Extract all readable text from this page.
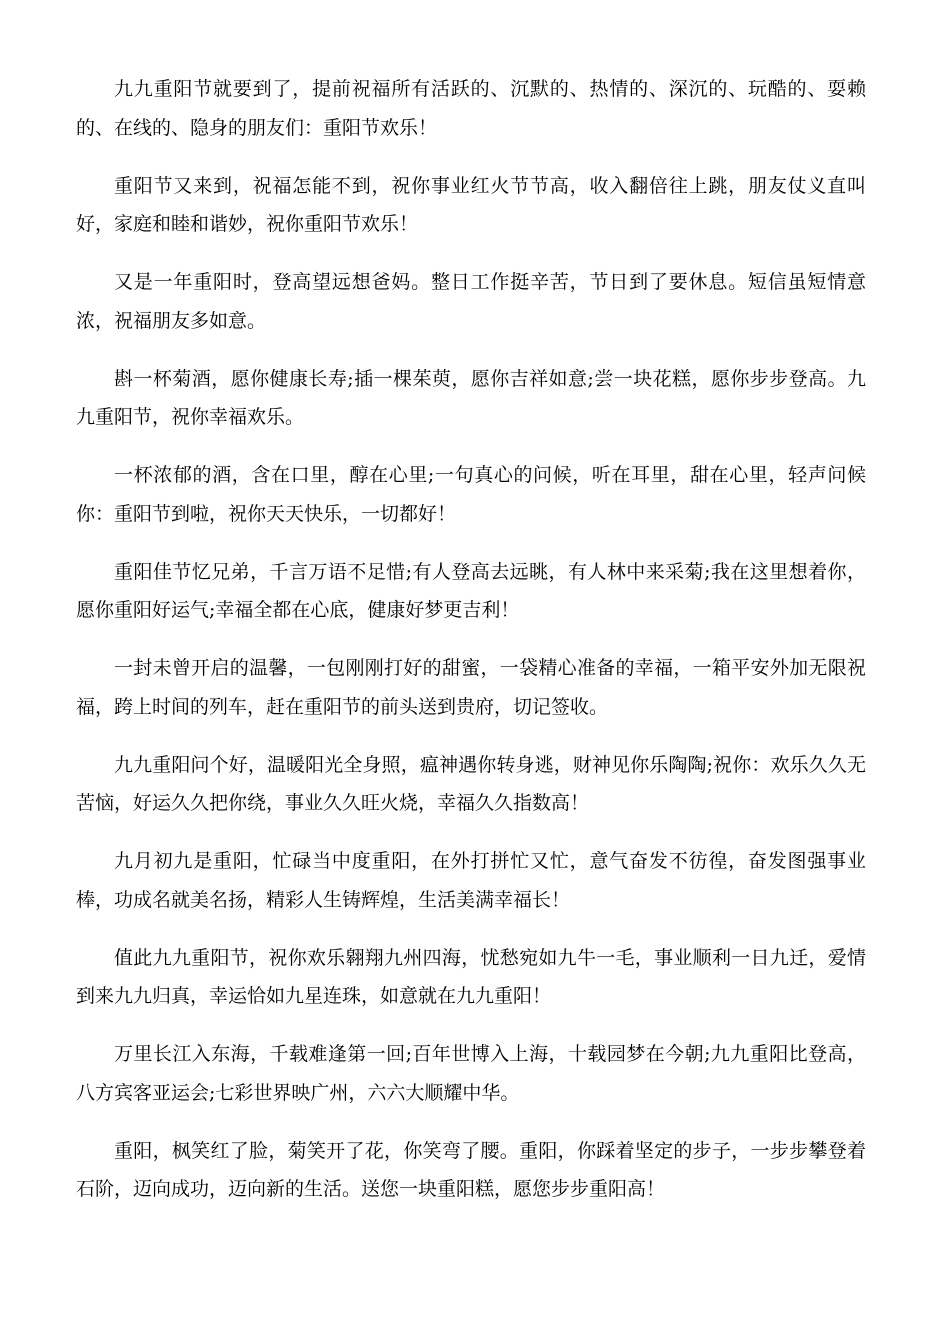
九九重阳节就要到了，提前祝福所有活跃的、沉默的、热情的、深沉的、玩酷的、耍赖的、在线的、隐身的朋友们：重阳节欢乐！

重阳节又来到，祝福怎能不到，祝你事业红火节节高，收入翻倍往上跳，朋友仗义直叫好，家庭和睦和谐妙，祝你重阳节欢乐！

又是一年重阳时，登高望远想爸妈。整日工作挺辛苦，节日到了要休息。短信虽短情意浓，祝福朋友多如意。

斟一杯菊酒，愿你健康长寿;插一棵茱萸，愿你吉祥如意;尝一块花糕，愿你步步登高。九九重阳节，祝你幸福欢乐。

一杯浓郁的酒，含在口里，醇在心里;一句真心的问候，听在耳里，甜在心里，轻声问候你：重阳节到啦，祝你天天快乐，一切都好！

重阳佳节忆兄弟，千言万语不足惜;有人登高去远眺，有人林中来采菊;我在这里想着你，愿你重阳好运气;幸福全都在心底，健康好梦更吉利！

一封未曾开启的温馨，一包刚刚打好的甜蜜，一袋精心准备的幸福，一箱平安外加无限祝福，跨上时间的列车，赶在重阳节的前头送到贵府，切记签收。

九九重阳问个好，温暖阳光全身照，瘟神遇你转身逃，财神见你乐陶陶;祝你：欢乐久久无苦恼，好运久久把你绕，事业久久旺火烧，幸福久久指数高！

九月初九是重阳，忙碌当中度重阳，在外打拼忙又忙，意气奋发不彷徨，奋发图强事业棒，功成名就美名扬，精彩人生铸辉煌，生活美满幸福长！

值此九九重阳节，祝你欢乐翱翔九州四海，忧愁宛如九牛一毛，事业顺利一日九迁，爱情到来九九归真，幸运恰如九星连珠，如意就在九九重阳！

万里长江入东海，千载难逢第一回;百年世博入上海，十载园梦在今朝;九九重阳比登高，八方宾客亚运会;七彩世界映广州，六六大顺耀中华。

重阳，枫笑红了脸，菊笑开了花，你笑弯了腰。重阳，你踩着坚定的步子，一步步攀登着石阶，迈向成功，迈向新的生活。送您一块重阳糕，愿您步步重阳高！
